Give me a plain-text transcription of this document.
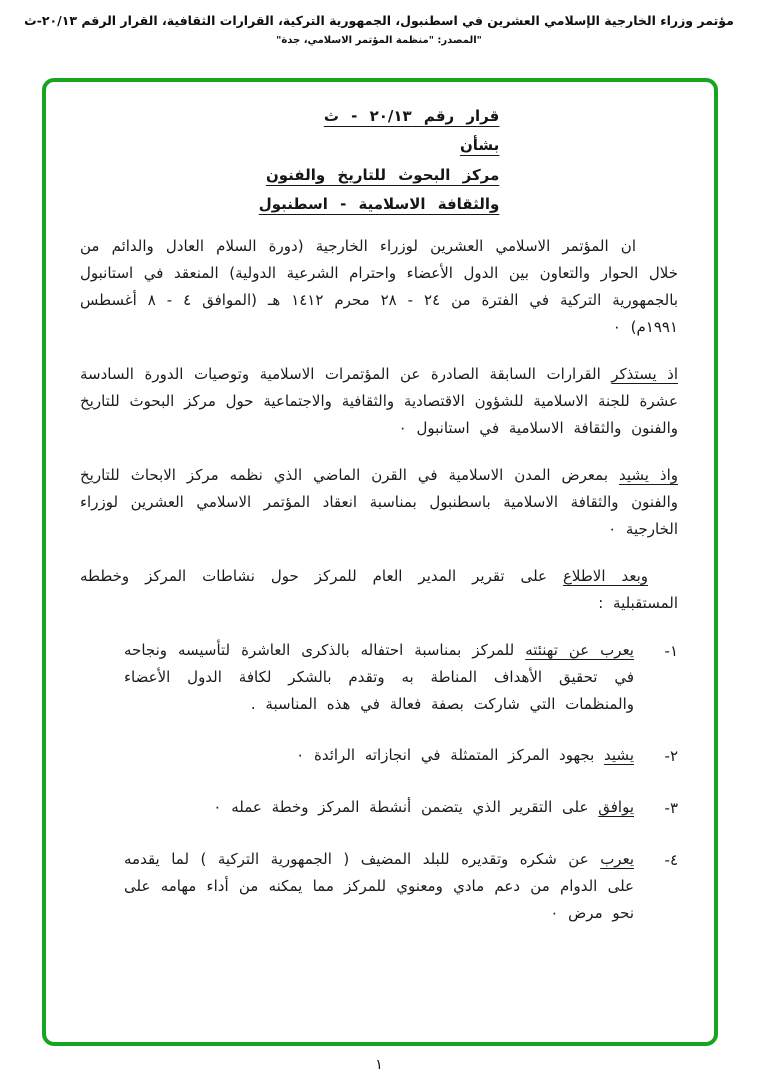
مؤتمر وزراء الخارجية الإسلامي العشرين في اسطنبول، الجمهورية التركية، القرارات الثقافية، القرار الرقم ٢٠/١٣-ث
"المصدر: "منظمة المؤتمر الاسلامي، جدة"
قرار رقم ٢٠/١٣ - ث
بشأن
مركز البحوث للتاريخ والفنون
والثقافة الاسلامية - اسطنبول

ان المؤتمر الاسلامي العشرين لوزراء الخارجية (دورة السلام العادل والدائم من خلال الحوار والتعاون بين الدول الأعضاء واحترام الشرعية الدولية) المنعقد في استانبول بالجمهورية التركية في الفترة من ٢٤ - ٢٨ محرم ١٤١٢ هـ (الموافق ٤ - ٨ أغسطس ١٩٩١م) ٠

اذ يستذكر القرارات السابقة الصادرة عن المؤتمرات الاسلامية وتوصيات الدورة السادسة عشرة للجنة الاسلامية للشؤون الاقتصادية والثقافية والاجتماعية حول مركز البحوث للتاريخ والفنون والثقافة الاسلامية في استانبول ٠

واذ يشيد بمعرض المدن الاسلامية في القرن الماضي الذي نظمه مركز الابحاث للتاريخ والفنون والثقافة الاسلامية باسطنبول بمناسبة انعقاد المؤتمر الاسلامي العشرين لوزراء الخارجية ٠

وبعد الاطلاع على تقرير المدير العام للمركز حول نشاطات المركز وخططه المستقبلية :

١-

يعرب عن تهنئته للمركز بمناسبة احتفاله بالذكرى العاشرة لتأسيسه ونجاحه في تحقيق الأهداف المناطة به وتقدم بالشكر لكافة الدول الأعضاء والمنظمات التي شاركت بصفة فعالة في هذه المناسبة .

٢-

يشيد بجهود المركز المتمثلة في انجازاته الرائدة ٠

٣-

يوافق على التقرير الذي يتضمن أنشطة المركز وخطة عمله ٠

٤-

يعرب عن شكره وتقديره للبلد المضيف ( الجمهورية التركية ) لما يقدمه على الدوام من دعم مادي ومعنوي للمركز مما يمكنه من أداء مهامه على نحو مرض ٠

١
